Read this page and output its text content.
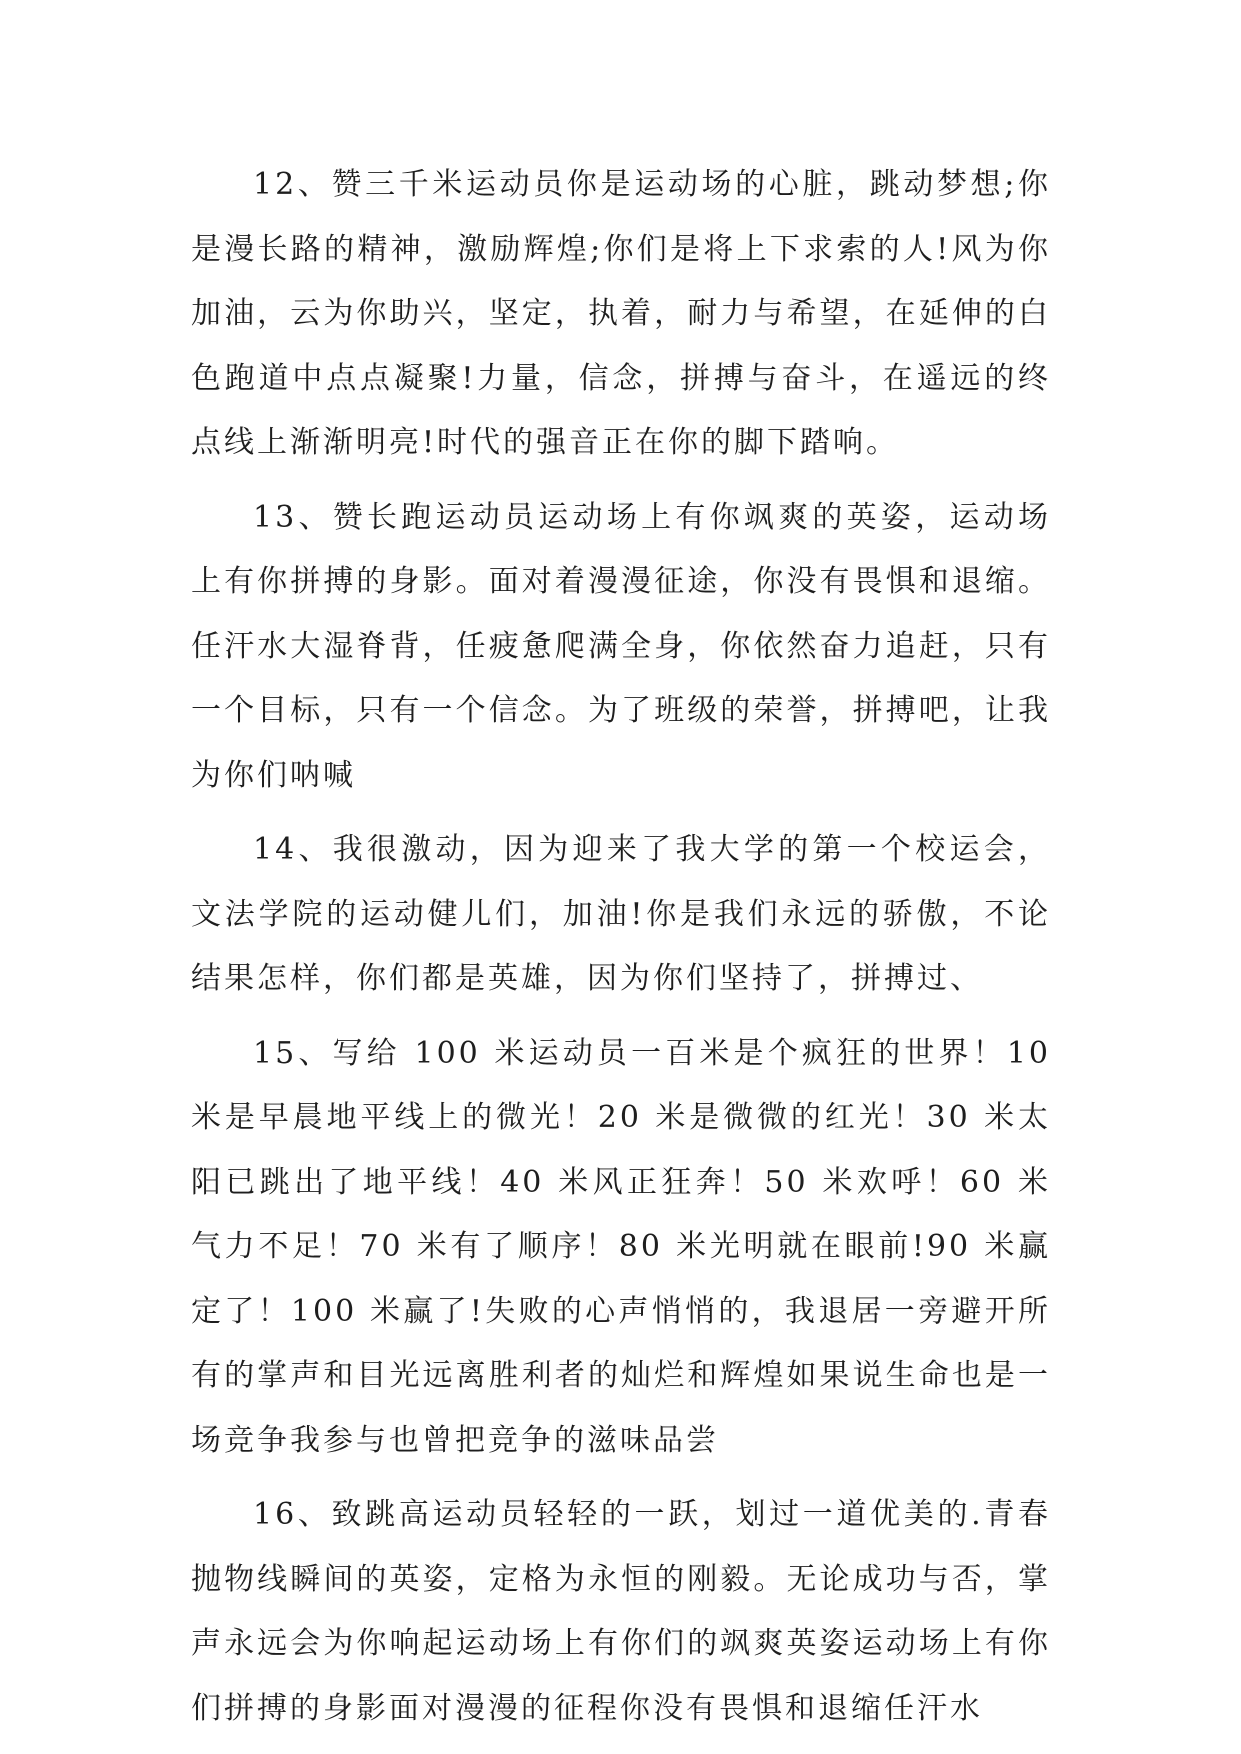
12、赞三千米运动员你是运动场的心脏，跳动梦想;你是漫长路的精神，激励辉煌;你们是将上下求索的人!风为你加油，云为你助兴，坚定，执着，耐力与希望，在延伸的白色跑道中点点凝聚!力量，信念，拼搏与奋斗，在遥远的终点线上渐渐明亮!时代的强音正在你的脚下踏响。

13、赞长跑运动员运动场上有你飒爽的英姿，运动场上有你拼搏的身影。面对着漫漫征途，你没有畏惧和退缩。任汗水大湿脊背，任疲惫爬满全身，你依然奋力追赶，只有一个目标，只有一个信念。为了班级的荣誉，拼搏吧，让我为你们呐喊

14、我很激动，因为迎来了我大学的第一个校运会，文法学院的运动健儿们，加油!你是我们永远的骄傲，不论结果怎样，你们都是英雄，因为你们坚持了，拼搏过、

15、写给 100 米运动员一百米是个疯狂的世界！10 米是早晨地平线上的微光！20 米是微微的红光！30 米太阳已跳出了地平线！40 米风正狂奔！50 米欢呼！60 米气力不足！70 米有了顺序！80 米光明就在眼前!90 米赢定了！100 米赢了!失败的心声悄悄的，我退居一旁避开所有的掌声和目光远离胜利者的灿烂和辉煌如果说生命也是一场竞争我参与也曾把竞争的滋味品尝

16、致跳高运动员轻轻的一跃，划过一道优美的.青春抛物线瞬间的英姿，定格为永恒的刚毅。无论成功与否，掌声永远会为你响起运动场上有你们的飒爽英姿运动场上有你们拼搏的身影面对漫漫的征程你没有畏惧和退缩任汗水
